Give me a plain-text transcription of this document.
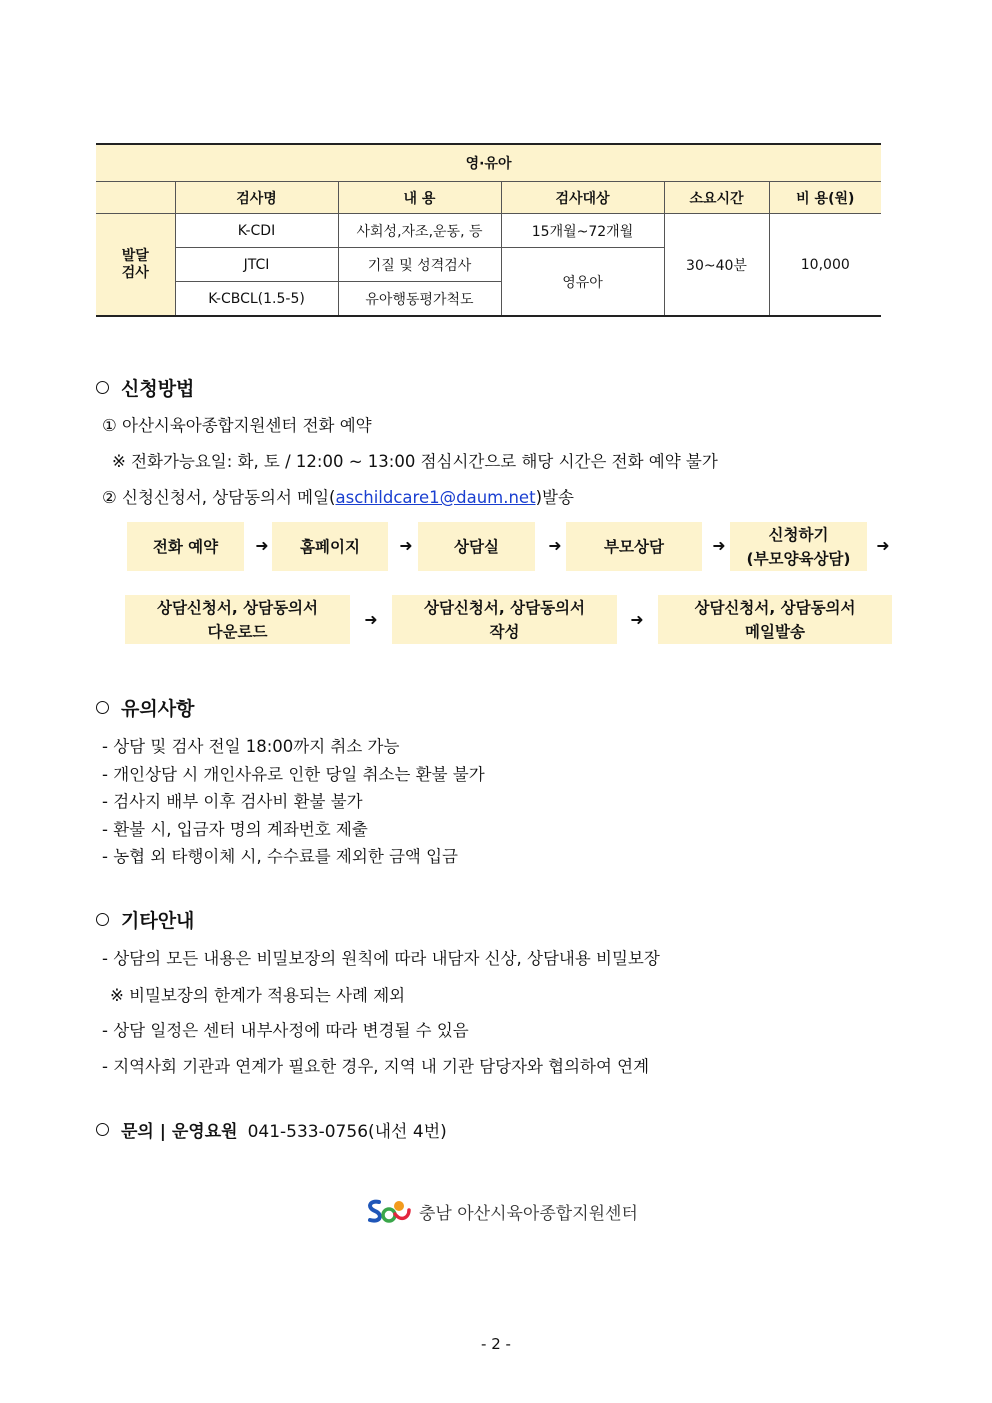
영·유아					
	검사명	내 용	검사대상	소요시간	비 용(원)
발달
검사	K-CDI	사회성,자조,운동, 등	15개월~72개월	30~40분	10,000
	JTCI	기질 및 성격검사	영유아		
	K-CBCL(1.5-5)	유아행동평가척도			
신청방법
① 아산시육아종합지원센터 전화 예약
※ 전화가능요일: 화, 토 / 12:00 ~ 13:00 점심시간으로 해당 시간은 전화 예약 불가
② 신청신청서, 상담동의서 메일(aschildcare1@daum.net)발송
전화 예약	➜	홈페이지	➜	상담실	➜	부모상담	➜
신청하기
(부모양육상담)
➜
상담신청서, 상담동의서
다운로드
➜
상담신청서, 상담동의서
작성
➜
상담신청서, 상담동의서
메일발송
유의사항
- 상담 및 검사 전일 18:00까지 취소 가능
- 개인상담 시 개인사유로 인한 당일 취소는 환불 불가
- 검사지 배부 이후 검사비 환불 불가
- 환불 시, 입금자 명의 계좌번호 제출
- 농협 외 타행이체 시, 수수료를 제외한 금액 입금
기타안내
- 상담의 모든 내용은 비밀보장의 원칙에 따라 내담자 신상, 상담내용 비밀보장
※ 비밀보장의 한계가 적용되는 사례 제외
- 상담 일정은 센터 내부사정에 따라 변경될 수 있음
- 지역사회 기관과 연계가 필요한 경우, 지역 내 기관 담당자와 협의하여 연계
문의 | 운영요원 041-533-0756(내선 4번)
충남 아산시육아종합지원센터
- 2 -
